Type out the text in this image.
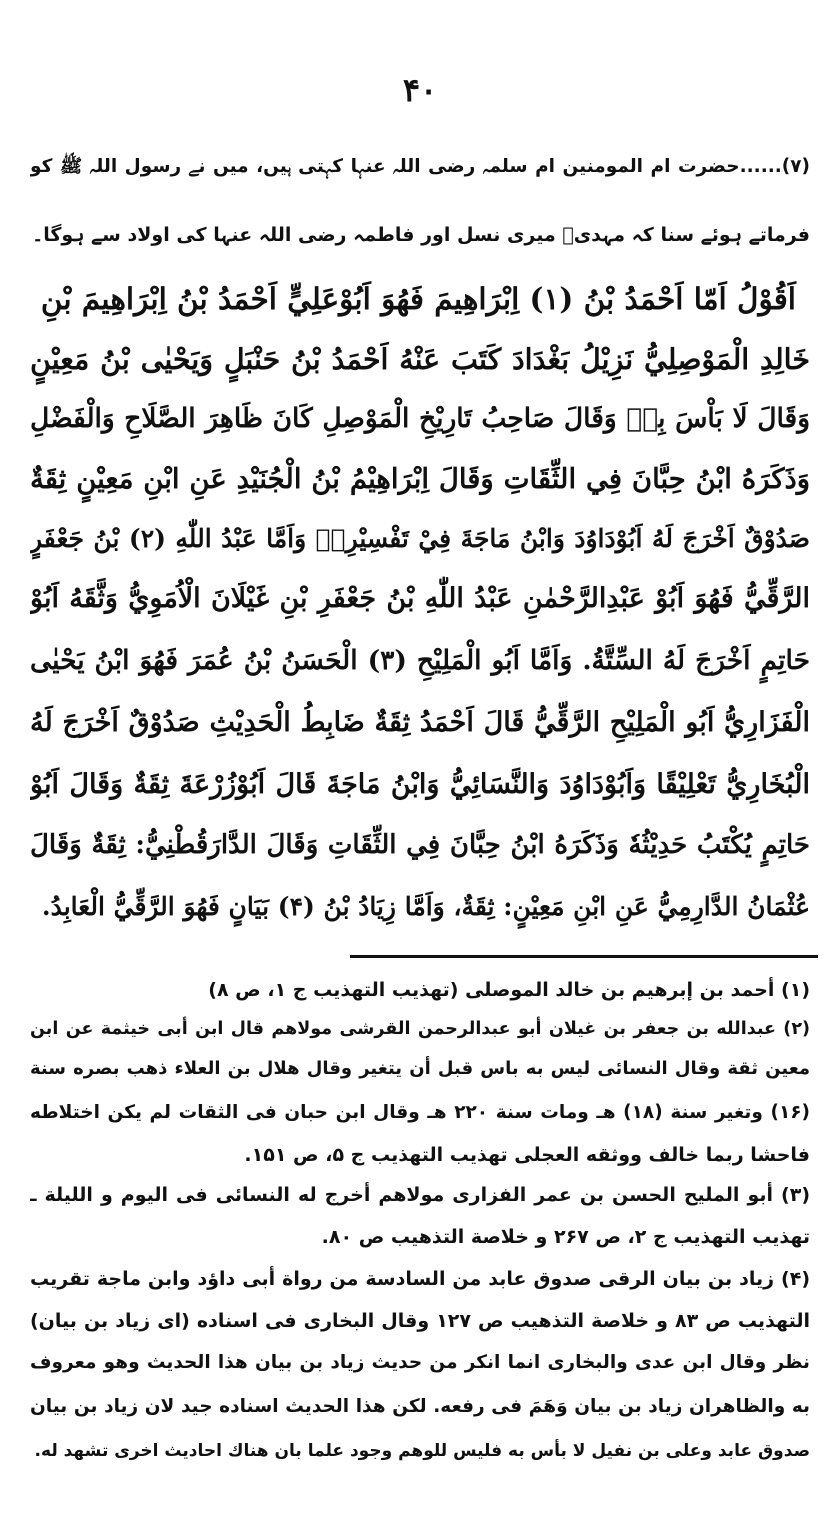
۴۰
(۷)......حضرت ام المومنین ام سلمہ رضی اللہ عنہا کہتی ہیں، میں نے رسول اللہ ﷺ کو
فرماتے ہوئے سنا کہ مہدیؑ میری نسل اور فاطمہ رضی اللہ عنہا کی اولاد سے ہوگا۔
اَقُوْلُ اَمّا اَحْمَدُ بْنُ (۱) اِبْرَاهِيمَ فَهُوَ اَبُوْعَلِيٍّ اَحْمَدُ بْنُ اِبْرَاهِيمَ بْنِ
خَالِدِ الْمَوْصِلِيُّ نَزِيْلُ بَغْدَادَ كَتَبَ عَنْهُ اَحْمَدُ بْنُ حَنْبَلٍ وَيَحْيٰى بْنُ مَعِيْنٍ
وَقَالَ لَا بَاْسَ بِهٖ وَقَالَ صَاحِبُ تَارِيْخِ الْمَوْصِلِ كَانَ ظَاهِرَ الصَّلَاحِ وَالْفَضْلِ
وَذَكَرَهُ ابْنُ حِبَّانَ فِي الثِّقَاتِ وَقَالَ اِبْرَاهِيْمُ بْنُ الْجُنَيْدِ عَنِ ابْنِ مَعِيْنٍ ثِقَةٌ
صَدُوْقٌ اَخْرَجَ لَهُ اَبُوْدَاوُدَ وَابْنُ مَاجَةَ فِيْ تَفْسِيْرِهٖ وَاَمَّا عَبْدُ اللّٰهِ (۲) بْنُ جَعْفَرٍ
الرَّقِّيُّ فَهُوَ اَبُوْ عَبْدِالرَّحْمٰنِ عَبْدُ اللّٰهِ بْنُ جَعْفَرِ بْنِ غَيْلَانَ الْاُمَوِيُّ وَثَّقَهُ اَبُوْ
حَاتِمٍ اَخْرَجَ لَهُ السِّتَّةُ. وَاَمَّا اَبُو الْمَلِيْحِ (۳) الْحَسَنُ بْنُ عُمَرَ فَهُوَ ابْنُ يَحْيٰى
الْفَزَارِيُّ اَبُو الْمَلِيْحِ الرَّقِّيُّ قَالَ اَحْمَدُ ثِقَةٌ ضَابِطُ الْحَدِيْثِ صَدُوْقٌ اَخْرَجَ لَهُ
الْبُخَارِيُّ تَعْلِيْقًا وَاَبُوْدَاوُدَ وَالنَّسَائِيُّ وَابْنُ مَاجَةَ قَالَ اَبُوْزُرْعَةَ ثِقَةٌ وَقَالَ اَبُوْ
حَاتِمٍ يُكْتَبُ حَدِيْثُهٗ وَذَكَرَهُ ابْنُ حِبَّانَ فِي الثِّقَاتِ وَقَالَ الدَّارَقُطْنِيُّ: ثِقَةٌ وَقَالَ
عُثْمَانُ الدَّارِمِيُّ عَنِ ابْنِ مَعِيْنٍ: ثِقَةٌ، وَاَمَّا زِيَادُ بْنُ (۴) بَيَانٍ فَهُوَ الرَّقِّيُّ الْعَابِدُ.
(۱) أحمد بن إبرهيم بن خالد الموصلى (تهذيب التهذيب ج ۱، ص ۸)
(۲) عبدالله بن جعفر بن غيلان أبو عبدالرحمن القرشى مولاهم قال ابن أبى خيثمة عن ابن
معين ثقة وقال النسائى ليس به باس قبل أن يتغير وقال هلال بن العلاء ذهب بصره سنة
(۱۶) وتغير سنة (۱۸) هـ ومات سنة ۲۲۰ هـ وقال ابن حبان فى الثقات لم يكن اختلاطه
فاحشا ربما خالف ووثقه العجلى تهذيب التهذيب ج ۵، ص ۱۵۱.
(۳) أبو المليح الحسن بن عمر الفزارى مولاهم أخرج له النسائى فى اليوم و الليلة ـ
تهذيب التهذيب ج ۲، ص ۲۶۷ و خلاصة التذهيب ص ۸۰.
(۴) زياد بن بيان الرقى صدوق عابد من السادسة من رواة أبى داؤد وابن ماجة تقريب
التهذيب ص ۸۳ و خلاصة التذهيب ص ۱۲۷ وقال البخارى فى اسناده (اى زياد بن بيان)
نظر وقال ابن عدى والبخارى انما انكر من حديث زياد بن بيان هذا الحديث وهو معروف
به والظاهران زياد بن بيان وَهَمَ فى رفعه. لكن هذا الحديث اسناده جيد لان زياد بن بيان
صدوق عابد وعلى بن نفيل لا بأس به فليس للوهم وجود علما بان هناك احاديث اخرى تشهد له.
